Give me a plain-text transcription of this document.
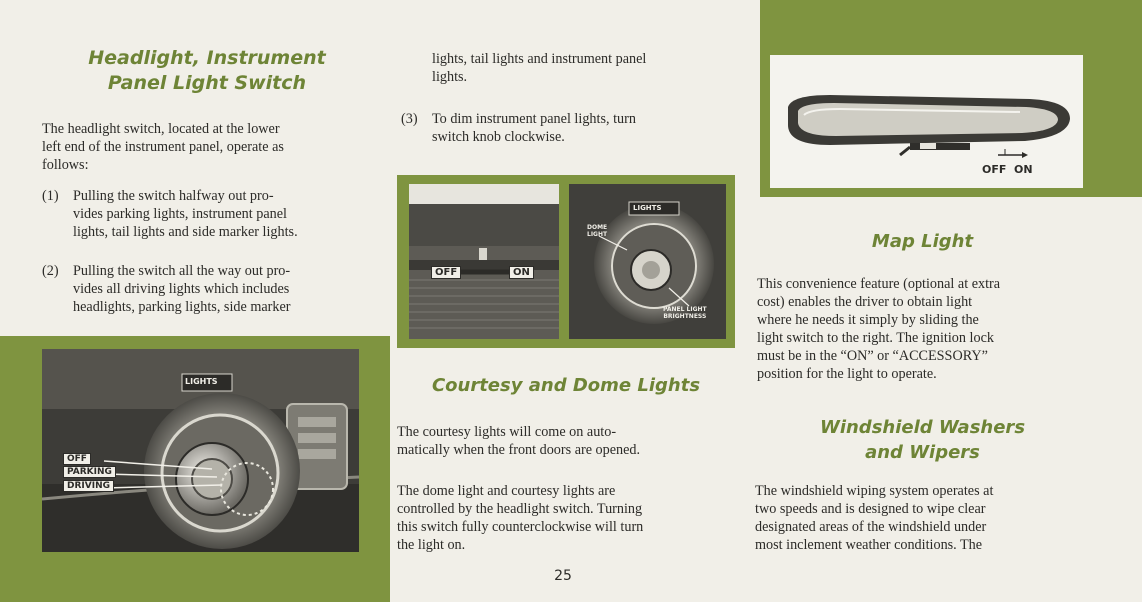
Headlight, Instrument
Panel Light Switch

The headlight switch, located at the lower
left end of the instrument panel, operate as
follows:

(1) Pulling the switch halfway out pro-
vides parking lights, instrument panel
lights, tail lights and side marker lights.
(2) Pulling the switch all the way out pro-
vides all driving lights which includes
headlights, parking lights, side marker
LIGHTS
OFF
PARKING
DRIVING

lights, tail lights and instrument panel
lights.

(3) To dim instrument panel lights, turn
switch knob clockwise.
OFF	ON
LIGHTS
DOME
LIGHT
PANEL LIGHT
BRIGHTNESS
Courtesy and Dome Lights

The courtesy lights will come on auto-
matically when the front doors are opened.

The dome light and courtesy lights are
controlled by the headlight switch. Turning
this switch fully counterclockwise will turn
the light on.

25
OFF  ON
Map Light

This convenience feature (optional at extra
cost) enables the driver to obtain light
where he needs it simply by sliding the
light switch to the right. The ignition lock
must be in the “ON” or “ACCESSORY”
position for the light to operate.

Windshield Washers
and Wipers

The windshield wiping system operates at
two speeds and is designed to wipe clear
designated areas of the windshield under
most inclement weather conditions. The
